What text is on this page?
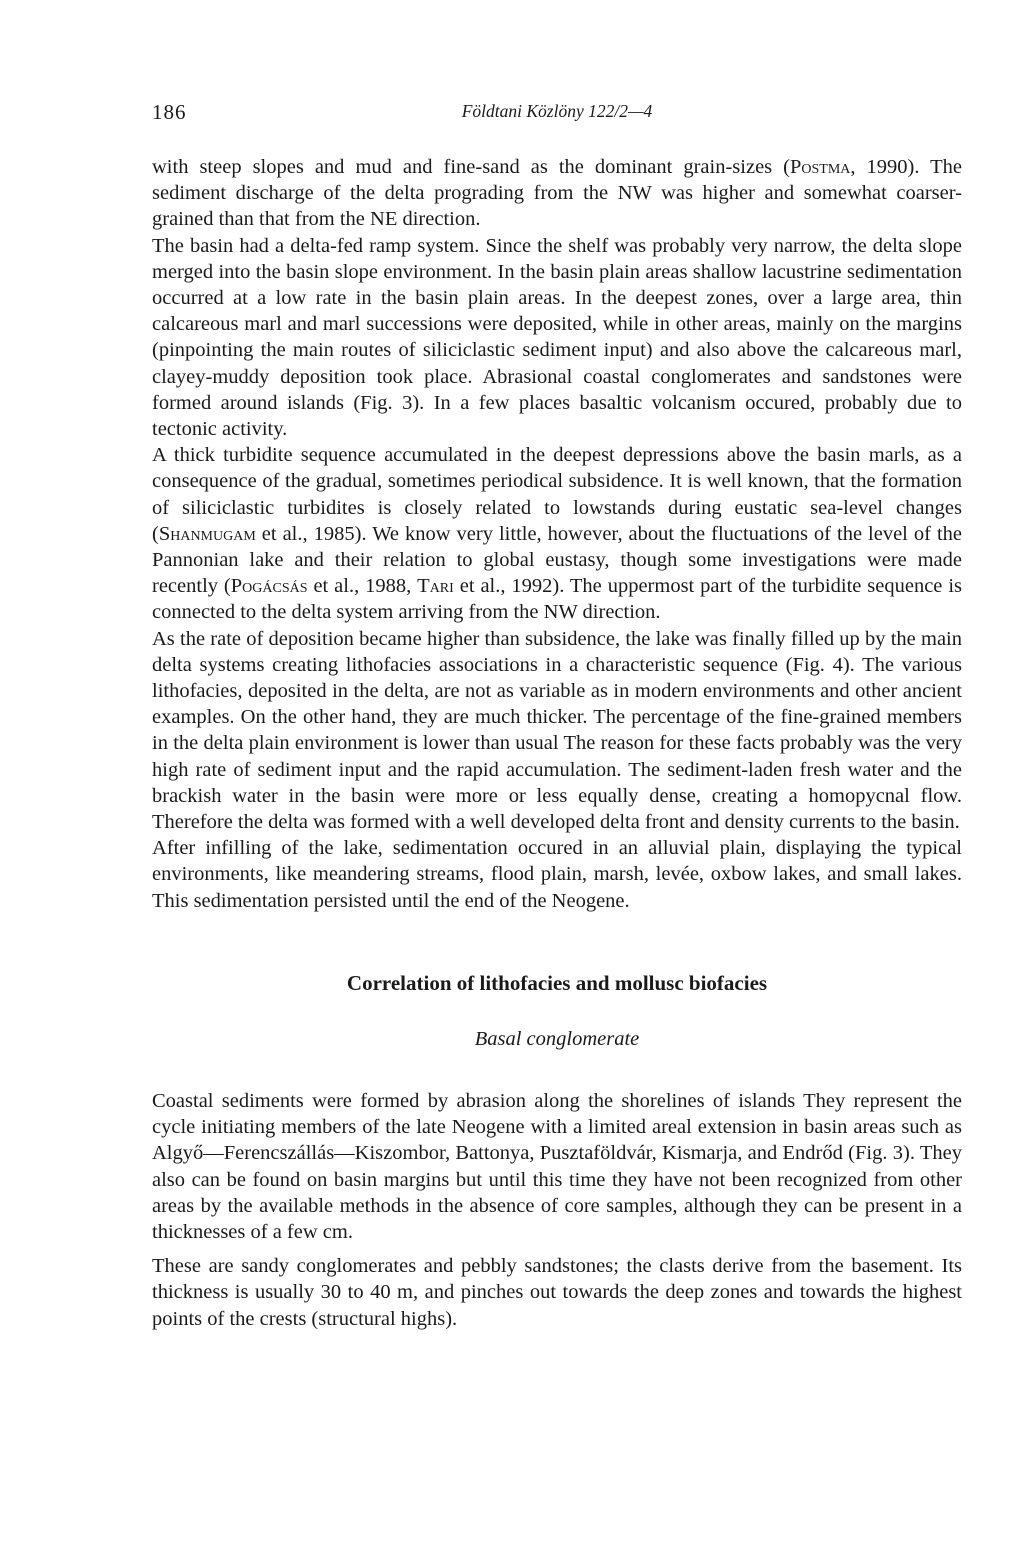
186	Földtani Közlöny 122/2—4

with steep slopes and mud and fine-sand as the dominant grain-sizes (Postma, 1990). The sediment discharge of the delta prograding from the NW was higher and somewhat coarser-grained than that from the NE direction.

The basin had a delta-fed ramp system. Since the shelf was probably very narrow, the delta slope merged into the basin slope environment. In the basin plain areas shallow lacustrine sedimentation occurred at a low rate in the basin plain areas. In the deepest zones, over a large area, thin calcareous marl and marl successions were deposited, while in other areas, mainly on the margins (pinpointing the main routes of siliciclastic sediment input) and also above the calcareous marl, clayey-muddy deposition took place. Abrasional coastal conglomerates and sandstones were formed around islands (Fig. 3). In a few places basaltic volcanism occured, probably due to tectonic activity.

A thick turbidite sequence accumulated in the deepest depressions above the basin marls, as a consequence of the gradual, sometimes periodical subsidence. It is well known, that the formation of siliciclastic turbidites is closely related to lowstands during eustatic sea-level changes (Shanmugam et al., 1985). We know very little, however, about the fluctuations of the level of the Pannonian lake and their relation to global eustasy, though some investigations were made recently (Pogácsás et al., 1988, Tari et al., 1992). The uppermost part of the turbidite sequence is connected to the delta system arriving from the NW direction.

As the rate of deposition became higher than subsidence, the lake was finally filled up by the main delta systems creating lithofacies associations in a characteristic sequence (Fig. 4). The various lithofacies, deposited in the delta, are not as variable as in modern environments and other ancient examples. On the other hand, they are much thicker. The percentage of the fine-grained members in the delta plain environment is lower than usual The reason for these facts probably was the very high rate of sediment input and the rapid accumulation. The sediment-laden fresh water and the brackish water in the basin were more or less equally dense, creating a homopycnal flow. Therefore the delta was formed with a well developed delta front and density currents to the basin.

After infilling of the lake, sedimentation occured in an alluvial plain, displaying the typical environments, like meandering streams, flood plain, marsh, levée, oxbow lakes, and small lakes. This sedimentation persisted until the end of the Neogene.

Correlation of lithofacies and mollusc biofacies
Basal conglomerate

Coastal sediments were formed by abrasion along the shorelines of islands They represent the cycle initiating members of the late Neogene with a limited areal extension in basin areas such as Algyő—Ferencszállás—Kiszombor, Battonya, Pusztaföldvár, Kismarja, and Endrőd (Fig. 3). They also can be found on basin margins but until this time they have not been recognized from other areas by the available methods in the absence of core samples, although they can be present in a thicknesses of a few cm.

These are sandy conglomerates and pebbly sandstones; the clasts derive from the basement. Its thickness is usually 30 to 40 m, and pinches out towards the deep zones and towards the highest points of the crests (structural highs).
